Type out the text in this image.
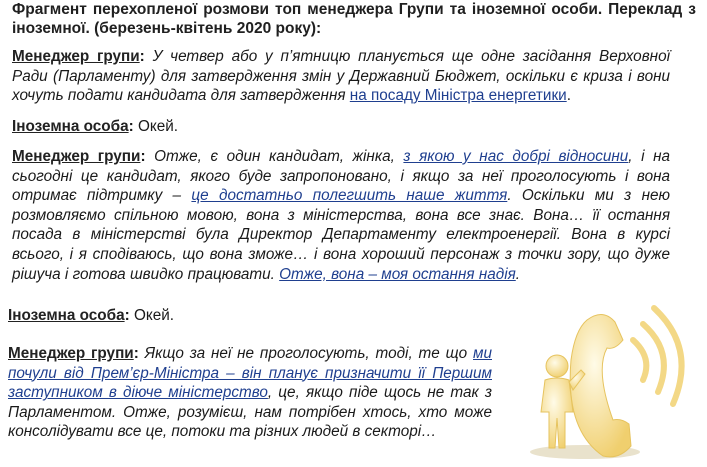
Фрагмент перехопленої розмови топ менеджера Групи та іноземної особи. Переклад з іноземної. (березень-квітень 2020 року):
Менеджер групи: У четвер або у п’ятницю планується ще одне засідання Верховної Ради (Парламенту) для затвердження змін у Державний Бюджет, оскільки є криза і вони хочуть подати кандидата для затвердження на посаду Міністра енергетики.
Іноземна особа: Окей.
Менеджер групи: Отже, є один кандидат, жінка, з якою у нас добрі відносини, і на сьогодні це кандидат, якого буде запропоновано, і якщо за неї проголосують і вона отримає підтримку – це достатньо полегшить наше життя. Оскільки ми з нею розмовляємо спільною мовою, вона з міністерства, вона все знає. Вона… її остання посада в міністерстві була Директор Департаменту електроенергії. Вона в курсі всього, і я сподіваюсь, що вона зможе… і вона хороший персонаж з точки зору, що дуже рішуча і готова швидко працювати. Отже, вона – моя остання надія.
Іноземна особа: Окей.
Менеджер групи: Якщо за неї не проголосують, тоді, те що ми почули від Прем’єр-Міністра – він планує призначити її Першим заступником в діюче міністерство, це, якщо піде щось не так з Парламентом. Отже, розумієш, нам потрібен хтось, хто може консолідувати все це, потоки та різних людей в секторі…
